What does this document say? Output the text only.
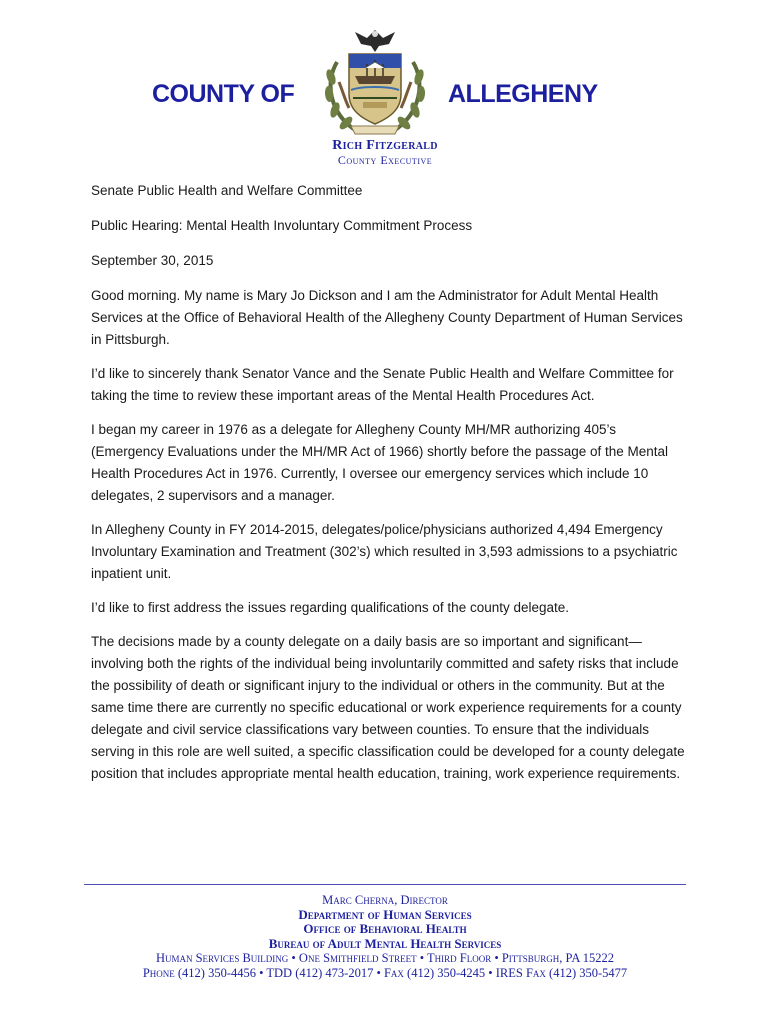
COUNTY OF	ALLEGHENY
Rich Fitzgerald
County Executive

Senate Public Health and Welfare Committee

Public Hearing: Mental Health Involuntary Commitment Process

September 30, 2015

Good morning. My name is Mary Jo Dickson and I am the Administrator for Adult Mental Health Services at the Office of Behavioral Health of the Allegheny County Department of Human Services in Pittsburgh.

I’d like to sincerely thank Senator Vance and the Senate Public Health and Welfare Committee for taking the time to review these important areas of the Mental Health Procedures Act.

I began my career in 1976 as a delegate for Allegheny County MH/MR authorizing 405’s (Emergency Evaluations under the MH/MR Act of 1966) shortly before the passage of the Mental Health Procedures Act in 1976. Currently, I oversee our emergency services which include 10 delegates, 2 supervisors and a manager.

In Allegheny County in FY 2014-2015, delegates/police/physicians authorized 4,494 Emergency Involuntary Examination and Treatment (302’s) which resulted in 3,593 admissions to a psychiatric inpatient unit.

I’d like to first address the issues regarding qualifications of the county delegate.

The decisions made by a county delegate on a daily basis are so important and significant—involving both the rights of the individual being involuntarily committed and safety risks that include the possibility of death or significant injury to the individual or others in the community. But at the same time there are currently no specific educational or work experience requirements for a county delegate and civil service classifications vary between counties. To ensure that the individuals serving in this role are well suited, a specific classification could be developed for a county delegate position that includes appropriate mental health education, training, work experience requirements.

Marc Cherna, Director
Department of Human Services
Office of Behavioral Health
Bureau of Adult Mental Health Services
Human Services Building • One Smithfield Street • Third Floor • Pittsburgh, PA 15222
Phone (412) 350-4456 • TDD (412) 473-2017 • Fax (412) 350-4245 • IRES Fax (412) 350-5477
